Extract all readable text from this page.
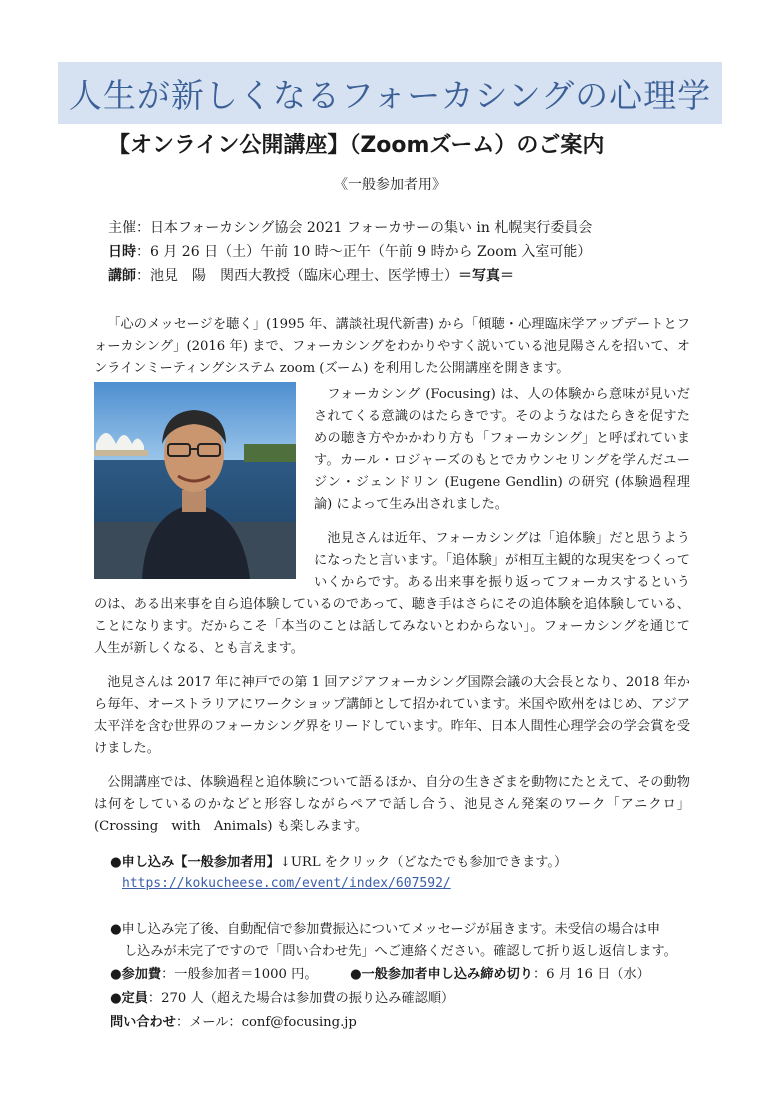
人生が新しくなるフォーカシングの心理学
【オンライン公開講座】（Zoomズーム）のご案内
《一般参加者用》
主催：日本フォーカシング協会 2021 フォーカサーの集い in 札幌実行委員会
日時：6 月 26 日（土）午前 10 時〜正午（午前 9 時から Zoom 入室可能）
講師：池見　陽　関西大教授（臨床心理士、医学博士）＝写真＝

「心のメッセージを聴く」(1995 年、講談社現代新書) から「傾聴・心理臨床学アップデートとフォーカシング」(2016 年) まで、フォーカシングをわかりやすく説いている池見陽さんを招いて、オンラインミーティングシステム zoom (ズーム) を利用した公開講座を開きます。

フォーカシング (Focusing) は、人の体験から意味が見いだされてくる意識のはたらきです。そのようなはたらきを促すための聴き方やかかわり方も「フォーカシング」と呼ばれています。カール・ロジャーズのもとでカウンセリングを学んだユージン・ジェンドリン (Eugene Gendlin) の研究 (体験過程理論) によって生み出されました。

池見さんは近年、フォーカシングは「追体験」だと思うようになったと言います。「追体験」が相互主観的な現実をつくっていくからです。ある出来事を振り返ってフォーカスするというのは、ある出来事を自ら追体験しているのであって、聴き手はさらにその追体験を追体験している、ことになります。だからこそ「本当のことは話してみないとわからない」。フォーカシングを通じて人生が新しくなる、とも言えます。

池見さんは 2017 年に神戸での第 1 回アジアフォーカシング国際会議の大会長となり、2018 年から毎年、オーストラリアにワークショップ講師として招かれています。米国や欧州をはじめ、アジア太平洋を含む世界のフォーカシング界をリードしています。昨年、日本人間性心理学会の学会賞を受けました。

公開講座では、体験過程と追体験について語るほか、自分の生きざまを動物にたとえて、その動物は何をしているのかなどと形容しながらペアで話し合う、池見さん発案のワーク「アニクロ」(Crossing　with　Animals) も楽しみます。

●申し込み【一般参加者用】↓URL をクリック（どなたでも参加できます。）
https://kokucheese.com/event/index/607592/
●申し込み完了後、自動配信で参加費振込についてメッセージが届きます。未受信の場合は申
し込みが未完了ですので「問い合わせ先」へご連絡ください。確認して折り返し返信します。
●参加費：一般参加者＝1000 円。 ●一般参加者申し込み締め切り：6 月 16 日（水）
●定員：270 人（超えた場合は参加費の振り込み確認順）
問い合わせ：メール：conf@focusing.jp
